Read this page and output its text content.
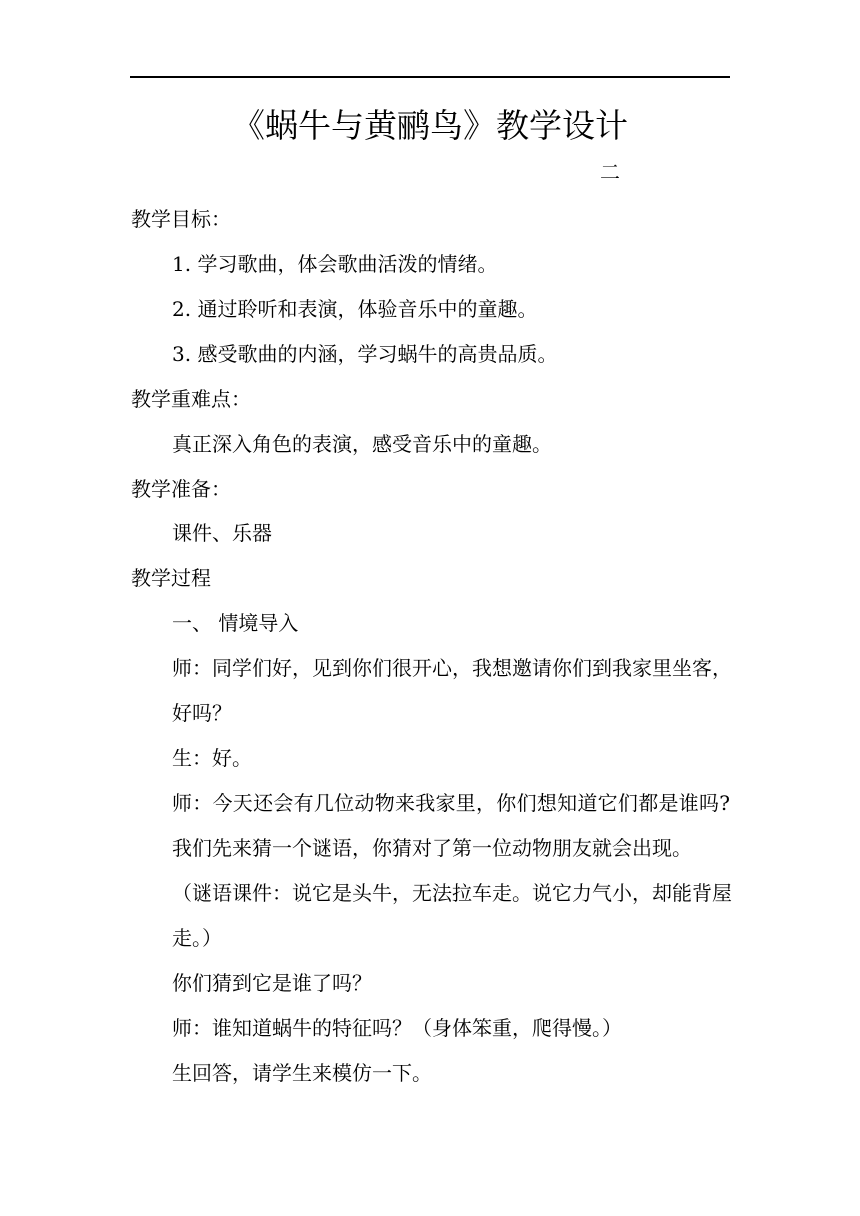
《蜗牛与黄鹂鸟》教学设计
二
教学目标：
1. 学习歌曲，体会歌曲活泼的情绪。
2. 通过聆听和表演，体验音乐中的童趣。
3. 感受歌曲的内涵，学习蜗牛的高贵品质。
教学重难点：
真正深入角色的表演，感受音乐中的童趣。
教学准备：
课件、乐器
教学过程
一、 情境导入
师：同学们好，见到你们很开心，我想邀请你们到我家里坐客，
好吗？
生：好。
师：今天还会有几位动物来我家里，你们想知道它们都是谁吗?
我们先来猜一个谜语，你猜对了第一位动物朋友就会出现。
（谜语课件：说它是头牛，无法拉车走。说它力气小，却能背屋
走。）
你们猜到它是谁了吗？
师：谁知道蜗牛的特征吗？（身体笨重，爬得慢。）
生回答，请学生来模仿一下。
